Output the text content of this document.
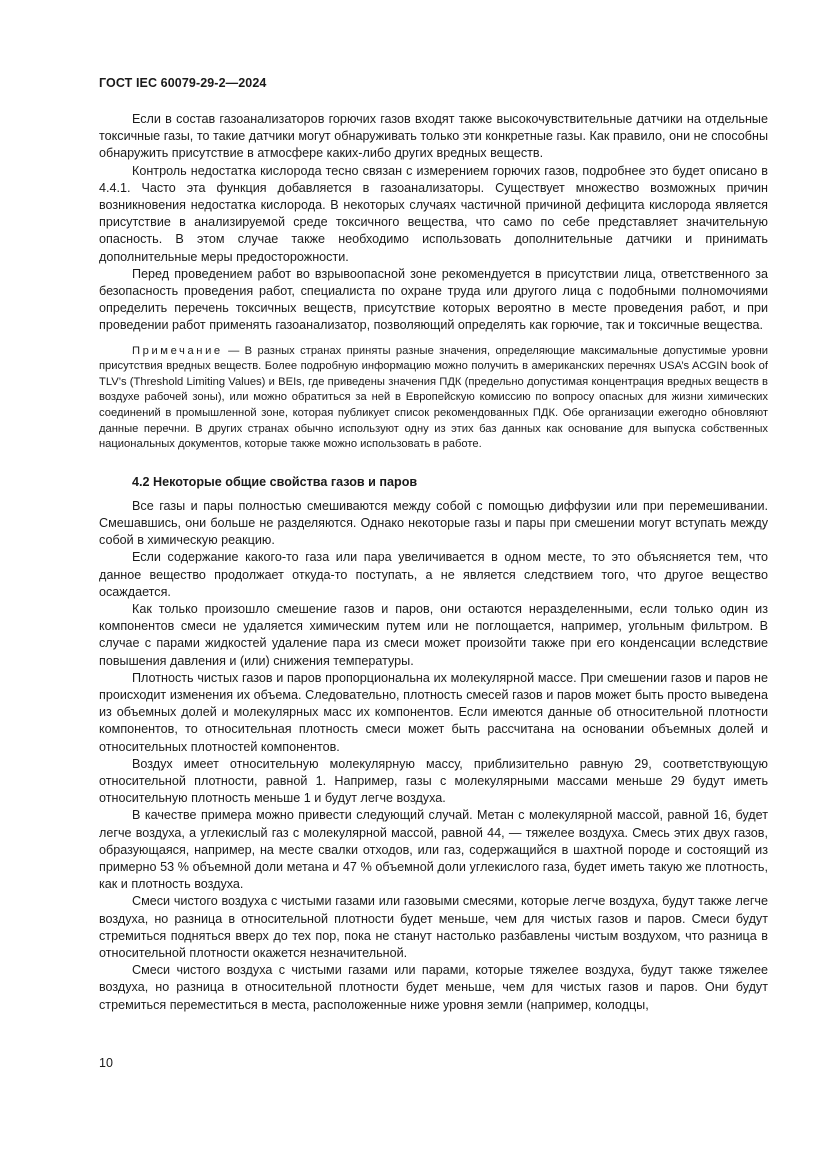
ГОСТ IEC 60079-29-2—2024

Если в состав газоанализаторов горючих газов входят также высокочувствительные датчики на отдельные токсичные газы, то такие датчики могут обнаруживать только эти конкретные газы. Как правило, они не способны обнаружить присутствие в атмосфере каких-либо других вредных веществ.

Контроль недостатка кислорода тесно связан с измерением горючих газов, подробнее это будет описано в 4.4.1. Часто эта функция добавляется в газоанализаторы. Существует множество возможных причин возникновения недостатка кислорода. В некоторых случаях частичной причиной дефицита кислорода является присутствие в анализируемой среде токсичного вещества, что само по себе представляет значительную опасность. В этом случае также необходимо использовать дополнительные датчики и принимать дополнительные меры предосторожности.

Перед проведением работ во взрывоопасной зоне рекомендуется в присутствии лица, ответственного за безопасность проведения работ, специалиста по охране труда или другого лица с подобными полномочиями определить перечень токсичных веществ, присутствие которых вероятно в месте проведения работ, и при проведении работ применять газоанализатор, позволяющий определять как горючие, так и токсичные вещества.

Примечание — В разных странах приняты разные значения, определяющие максимальные допустимые уровни присутствия вредных веществ. Более подробную информацию можно получить в американских перечнях USA’s ACGIN book of TLV’s (Threshold Limiting Values) и BEIs, где приведены значения ПДК (предельно допустимая концентрация вредных веществ в воздухе рабочей зоны), или можно обратиться за ней в Европейскую комиссию по вопросу опасных для жизни химических соединений в промышленной зоне, которая публикует список рекомендованных ПДК. Обе организации ежегодно обновляют данные перечни. В других странах обычно используют одну из этих баз данных как основание для выпуска собственных национальных документов, которые также можно использовать в работе.

4.2 Некоторые общие свойства газов и паров

Все газы и пары полностью смешиваются между собой с помощью диффузии или при перемешивании. Смешавшись, они больше не разделяются. Однако некоторые газы и пары при смешении могут вступать между собой в химическую реакцию.

Если содержание какого-то газа или пара увеличивается в одном месте, то это объясняется тем, что данное вещество продолжает откуда-то поступать, а не является следствием того, что другое вещество осаждается.

Как только произошло смешение газов и паров, они остаются неразделенными, если только один из компонентов смеси не удаляется химическим путем или не поглощается, например, угольным фильтром. В случае с парами жидкостей удаление пара из смеси может произойти также при его конденсации вследствие повышения давления и (или) снижения температуры.

Плотность чистых газов и паров пропорциональна их молекулярной массе. При смешении газов и паров не происходит изменения их объема. Следовательно, плотность смесей газов и паров может быть просто выведена из объемных долей и молекулярных масс их компонентов. Если имеются данные об относительной плотности компонентов, то относительная плотность смеси может быть рассчитана на основании объемных долей и относительных плотностей компонентов.

Воздух имеет относительную молекулярную массу, приблизительно равную 29, соответствующую относительной плотности, равной 1. Например, газы с молекулярными массами меньше 29 будут иметь относительную плотность меньше 1 и будут легче воздуха.

В качестве примера можно привести следующий случай. Метан с молекулярной массой, равной 16, будет легче воздуха, а углекислый газ с молекулярной массой, равной 44, — тяжелее воздуха. Смесь этих двух газов, образующаяся, например, на месте свалки отходов, или газ, содержащийся в шахтной породе и состоящий из примерно 53 % объемной доли метана и 47 % объемной доли углекислого газа, будет иметь такую же плотность, как и плотность воздуха.

Смеси чистого воздуха с чистыми газами или газовыми смесями, которые легче воздуха, будут также легче воздуха, но разница в относительной плотности будет меньше, чем для чистых газов и паров. Смеси будут стремиться подняться вверх до тех пор, пока не станут настолько разбавлены чистым воздухом, что разница в относительной плотности окажется незначительной.

Смеси чистого воздуха с чистыми газами или парами, которые тяжелее воздуха, будут также тяжелее воздуха, но разница в относительной плотности будет меньше, чем для чистых газов и паров. Они будут стремиться переместиться в места, расположенные ниже уровня земли (например, колодцы,

10
